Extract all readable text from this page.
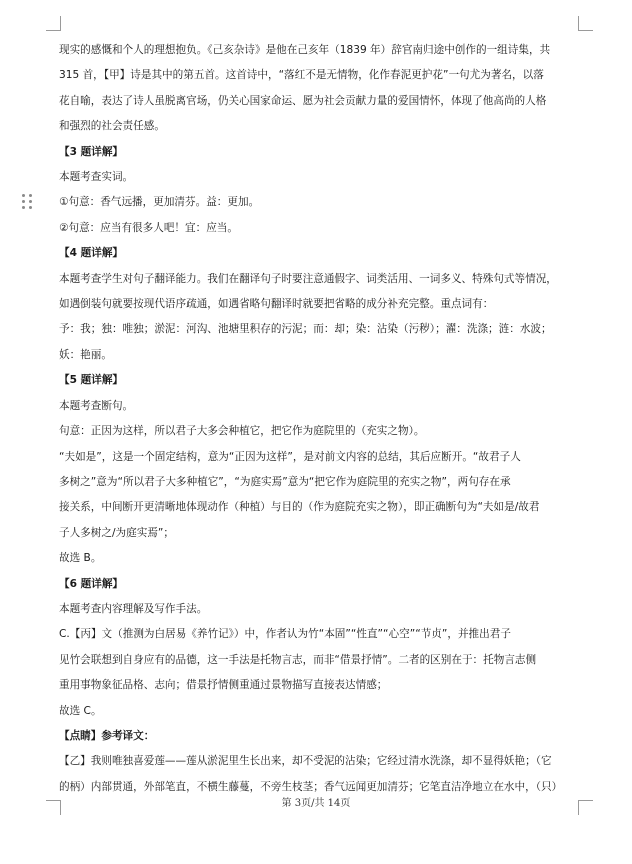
现实的感慨和个人的理想抱负。《己亥杂诗》是他在己亥年（1839 年）辞官南归途中创作的一组诗集，共

315 首，【甲】诗是其中的第五首。这首诗中，“落红不是无情物，化作春泥更护花”一句尤为著名，以落

花自喻，表达了诗人虽脱离官场，仍关心国家命运、愿为社会贡献力量的爱国情怀，体现了他高尚的人格

和强烈的社会责任感。

【3 题详解】

本题考查实词。

①句意：香气远播，更加清芬。益：更加。

②句意：应当有很多人吧！宜：应当。

【4 题详解】

本题考查学生对句子翻译能力。我们在翻译句子时要注意通假字、词类活用、一词多义、特殊句式等情况，

如遇倒装句就要按现代语序疏通，如遇省略句翻译时就要把省略的成分补充完整。重点词有：

予：我；独：唯独；淤泥：河沟、池塘里积存的污泥；而：却；染：沾染（污秽）；濯：洗涤；涟：水波；

妖：艳丽。

【5 题详解】

本题考查断句。

句意：正因为这样，所以君子大多会种植它，把它作为庭院里的（充实之物）。

“夫如是”，这是一个固定结构，意为“正因为这样”，是对前文内容的总结，其后应断开。“故君子人

多树之”意为“所以君子大多种植它”，“为庭实焉”意为“把它作为庭院里的充实之物”，两句存在承

接关系，中间断开更清晰地体现动作（种植）与目的（作为庭院充实之物），即正确断句为“夫如是/故君

子人多树之/为庭实焉”；

故选 B。

【6 题详解】

本题考查内容理解及写作手法。

C.【丙】文（推测为白居易《养竹记》）中，作者认为竹“本固”“性直”“心空”“节贞”，并推出君子

见竹会联想到自身应有的品德，这一手法是托物言志，而非“借景抒情”。二者的区别在于：托物言志侧

重用事物象征品格、志向；借景抒情侧重通过景物描写直接表达情感；

故选 C。

【点睛】参考译文：

【乙】我则唯独喜爱莲——莲从淤泥里生长出来，却不受泥的沾染；它经过清水洗涤，却不显得妖艳；（它

的柄）内部贯通，外部笔直，不横生藤蔓，不旁生枝茎；香气远闻更加清芬；它笔直洁净地立在水中，（只）

第 3页/共 14页
